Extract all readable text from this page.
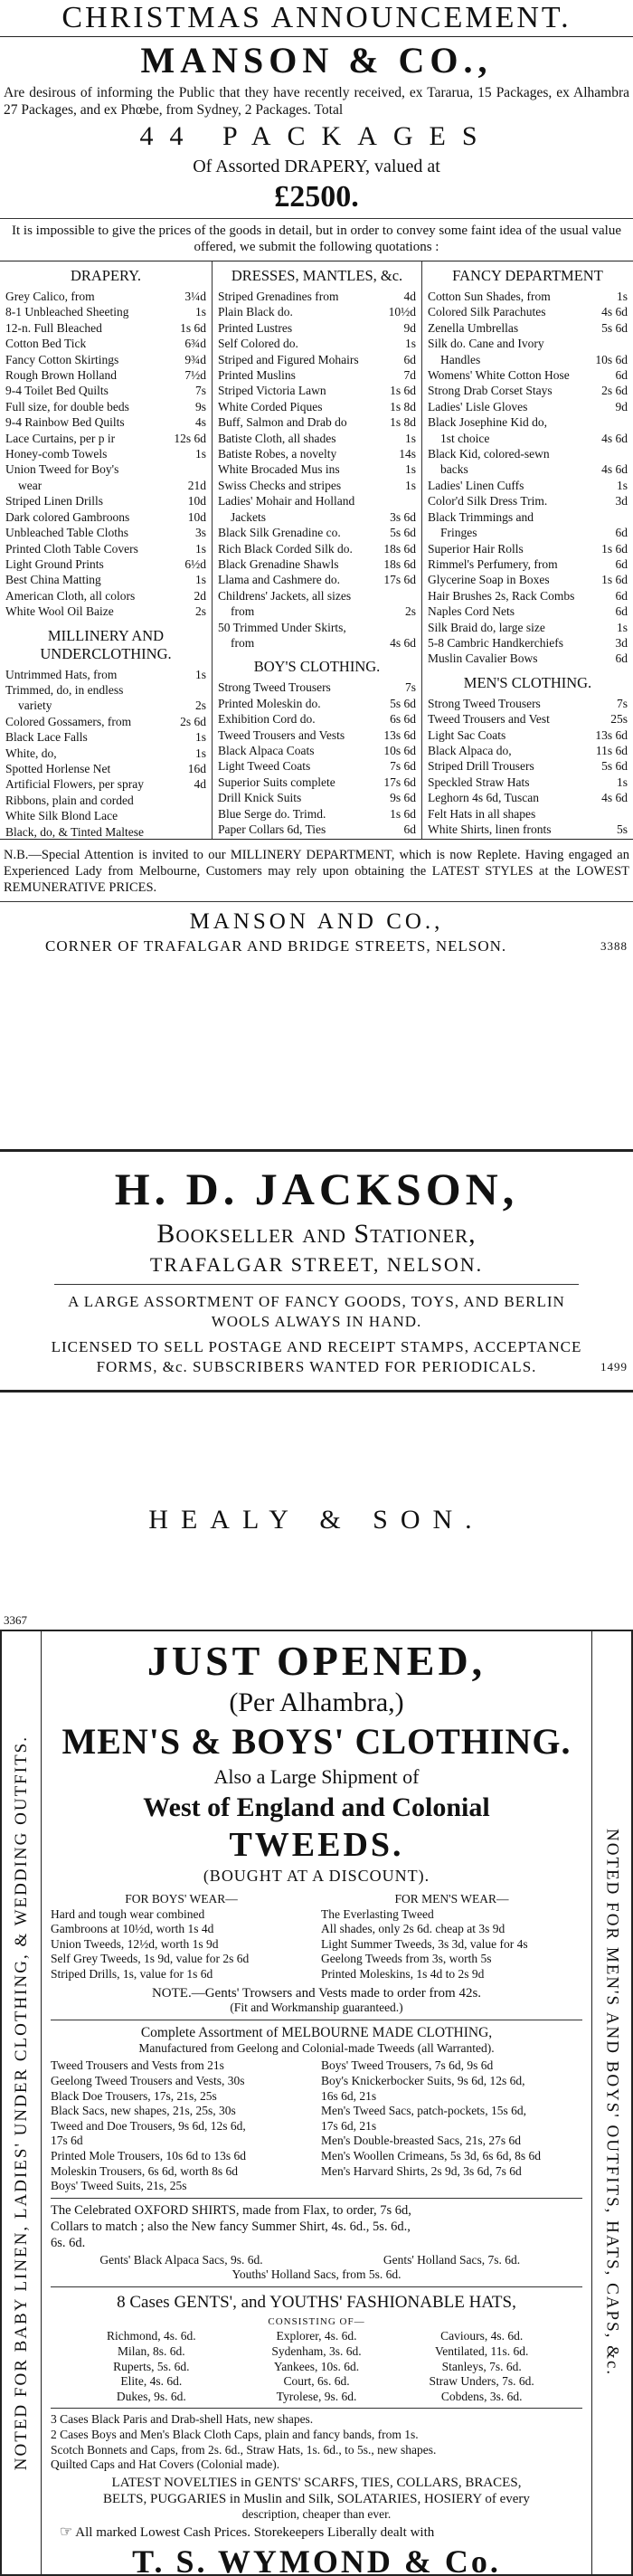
CHRISTMAS ANNOUNCEMENT.
MANSON & CO.,
Are desirous of informing the Public that they have recently received, ex Tararua, 15 Packages, ex Alhambra 27 Packages, and ex Phœbe, from Sydney, 2 Packages. Total
44 PACKAGES
Of Assorted DRAPERY, valued at
£2500.
It is impossible to give the prices of the goods in detail, but in order to convey some faint idea of the usual value offered, we submit the following quotations :
DRAPERY.
Grey Calico, from	3¼d
8-1 Unbleached Sheeting	1s
12-n. Full Bleached	1s 6d
Cotton Bed Tick	6¾d
Fancy Cotton Skirtings	9¾d
Rough Brown Holland	7½d
9-4 Toilet Bed Quilts	7s
Full size, for double beds	9s
9-4 Rainbow Bed Quilts	4s
Lace Curtains, per p ir	12s 6d
Honey-comb Towels	1s
Union Tweed for Boy's
wear	21d
Striped Linen Drills	10d
Dark colored Gambroons	10d
Unbleached Table Cloths	3s
Printed Cloth Table Covers	1s
Light Ground Prints	6½d
Best China Matting	1s
American Cloth, all colors	2d
White Wool Oil Baize	2s
MILLINERY AND UNDERCLOTHING.
Untrimmed Hats, from	1s
Trimmed, do, in endless
variety	2s
Colored Gossamers, from	2s 6d
Black Lace Falls	1s
White, do,	1s
Spotted Horlense Net	16d
Artificial Flowers, per spray	4d
Ribbons, plain and corded
White Silk Blond Lace
Black, do, & Tinted Maltese
DRESSES, MANTLES, &c.
Striped Grenadines from	4d
Plain Black do.	10½d
Printed Lustres	9d
Self Colored do.	1s
Striped and Figured Mohairs	6d
Printed Muslins	7d
Striped Victoria Lawn	1s 6d
White Corded Piques	1s 8d
Buff, Salmon and Drab do	1s 8d
Batiste Cloth, all shades	1s
Batiste Robes, a novelty	14s
White Brocaded Mus ins	1s
Swiss Checks and stripes	1s
Ladies' Mohair and Holland
Jackets	3s 6d
Black Silk Grenadine co.	5s 6d
Rich Black Corded Silk do.	18s 6d
Black Grenadine Shawls	18s 6d
Llama and Cashmere do.	17s 6d
Childrens' Jackets, all sizes
from	2s
50 Trimmed Under Skirts,
from	4s 6d
BOY'S CLOTHING.
Strong Tweed Trousers	7s
Printed Moleskin do.	5s 6d
Exhibition Cord do.	6s 6d
Tweed Trousers and Vests	13s 6d
Black Alpaca Coats	10s 6d
Light Tweed Coats	7s 6d
Superior Suits complete	17s 6d
Drill Knick Suits	9s 6d
Blue Serge do. Trimd.	1s 6d
Paper Collars 6d, Ties	6d
FANCY DEPARTMENT
Cotton Sun Shades, from	1s
Colored Silk Parachutes	4s 6d
Zenella Umbrellas	5s 6d
Silk do. Cane and Ivory
Handles	10s 6d
Womens' White Cotton Hose	6d
Strong Drab Corset Stays	2s 6d
Ladies' Lisle Gloves	9d
Black Josephine Kid do,
1st choice	4s 6d
Black Kid, colored-sewn
backs	4s 6d
Ladies' Linen Cuffs	1s
Color'd Silk Dress Trim.	3d
Black Trimmings and
Fringes	6d
Superior Hair Rolls	1s 6d
Rimmel's Perfumery, from	6d
Glycerine Soap in Boxes	1s 6d
Hair Brushes 2s, Rack Combs	6d
Naples Cord Nets	6d
Silk Braid do, large size	1s
5-8 Cambric Handkerchiefs	3d
Muslin Cavalier Bows	6d
MEN'S CLOTHING.
Strong Tweed Trousers	7s
Tweed Trousers and Vest	25s
Light Sac Coats	13s 6d
Black Alpaca do,	11s 6d
Striped Drill Trousers	5s 6d
Speckled Straw Hats	1s
Leghorn 4s 6d, Tuscan	4s 6d
Felt Hats in all shapes
White Shirts, linen fronts	5s
N.B.—Special Attention is invited to our MILLINERY DEPARTMENT, which is now Replete. Having engaged an Experienced Lady from Melbourne, Customers may rely upon obtaining the LATEST STYLES at the LOWEST REMUNERATIVE PRICES.
MANSON AND CO.,
CORNER OF TRAFALGAR AND BRIDGE STREETS, NELSON.	3388
H. D. JACKSON,
Bookseller and Stationer,
TRAFALGAR STREET, NELSON.
A LARGE ASSORTMENT OF FANCY GOODS, TOYS, AND BERLIN
WOOLS ALWAYS IN HAND.
LICENSED TO SELL POSTAGE AND RECEIPT STAMPS, ACCEPTANCE
FORMS, &c. SUBSCRIBERS WANTED FOR PERIODICALS.	1499
HEALY & SON.
3367
NOTED FOR BABY LINEN, LADIES' UNDER CLOTHING, & WEDDING OUTFITS.	NOTED FOR MEN'S AND BOYS' OUTFITS, HATS, CAPS, &c.
JUST OPENED,
(Per Alhambra,)
MEN'S & BOYS' CLOTHING.
Also a Large Shipment of
West of England and Colonial
TWEEDS.
(BOUGHT AT A DISCOUNT).
FOR BOYS' WEAR—
Hard and tough wear combined
Gambroons at 10½d, worth 1s 4d
Union Tweeds, 12½d, worth 1s 9d
Self Grey Tweeds, 1s 9d, value for 2s 6d
Striped Drills, 1s, value for 1s 6d
FOR MEN'S WEAR—
The Everlasting Tweed
All shades, only 2s 6d. cheap at 3s 9d
Light Summer Tweeds, 3s 3d, value for 4s
Geelong Tweeds from 3s, worth 5s
Printed Moleskins, 1s 4d to 2s 9d
NOTE.—Gents' Trowsers and Vests made to order from 42s.
(Fit and Workmanship guaranteed.)
Complete Assortment of MELBOURNE MADE CLOTHING,
Manufactured from Geelong and Colonial-made Tweeds (all Warranted).
Tweed Trousers and Vests from 21s
Geelong Tweed Trousers and Vests, 30s
Black Doe Trousers, 17s, 21s, 25s
Black Sacs, new shapes, 21s, 25s, 30s
Tweed and Doe Trousers, 9s 6d, 12s 6d,
17s 6d
Printed Mole Trousers, 10s 6d to 13s 6d
Moleskin Trousers, 6s 6d, worth 8s 6d
Boys' Tweed Suits, 21s, 25s
Boys' Tweed Trousers, 7s 6d, 9s 6d
Boy's Knickerbocker Suits, 9s 6d, 12s 6d,
16s 6d, 21s
Men's Tweed Sacs, patch-pockets, 15s 6d,
17s 6d, 21s
Men's Double-breasted Sacs, 21s, 27s 6d
Men's Woollen Crimeans, 5s 3d, 6s 6d, 8s 6d
Men's Harvard Shirts, 2s 9d, 3s 6d, 7s 6d
The Celebrated OXFORD SHIRTS, made from Flax, to order, 7s 6d,
Collars to match ; also the New fancy Summer Shirt, 4s. 6d., 5s. 6d.,
6s. 6d.
Gents' Black Alpaca Sacs, 9s. 6d.	Gents' Holland Sacs, 7s. 6d.
Youths' Holland Sacs, from 5s. 6d.
8 Cases GENTS', and YOUTHS' FASHIONABLE HATS,
CONSISTING OF—
Richmond, 4s. 6d.
Milan, 8s. 6d.
Ruperts, 5s. 6d.
Elite, 4s. 6d.
Dukes, 9s. 6d.
Explorer, 4s. 6d.
Sydenham, 3s. 6d.
Yankees, 10s. 6d.
Court, 6s. 6d.
Tyrolese, 9s. 6d.
Caviours, 4s. 6d.
Ventilated, 11s. 6d.
Stanleys, 7s. 6d.
Straw Unders, 7s. 6d.
Cobdens, 3s. 6d.
3 Cases Black Paris and Drab-shell Hats, new shapes.
2 Cases Boys and Men's Black Cloth Caps, plain and fancy bands, from 1s.
Scotch Bonnets and Caps, from 2s. 6d., Straw Hats, 1s. 6d., to 5s., new shapes.
Quilted Caps and Hat Covers (Colonial made).
LATEST NOVELTIES in GENTS' SCARFS, TIES, COLLARS, BRACES,
BELTS, PUGGARIES in Muslin and Silk, SOLATARIES, HOSIERY of every
description, cheaper than ever.
☞ All marked Lowest Cash Prices. Storekeepers Liberally dealt with
T. S. WYMOND & Co.
